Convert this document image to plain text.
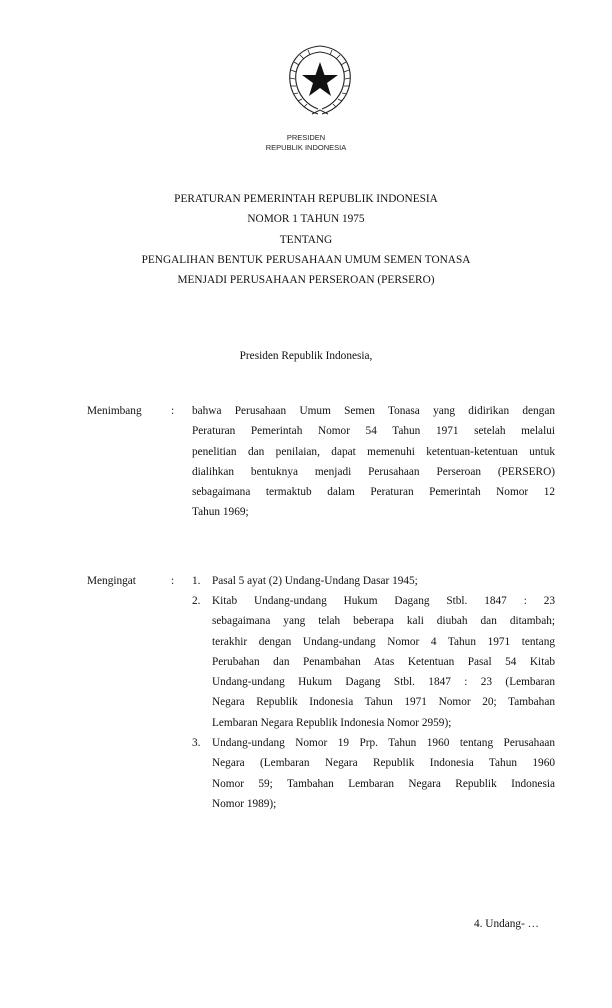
PRESIDEN
REPUBLIK INDONESIA
PERATURAN PEMERINTAH REPUBLIK INDONESIA
NOMOR 1 TAHUN 1975
TENTANG
PENGALIHAN BENTUK PERUSAHAAN UMUM SEMEN TONASA
MENJADI PERUSAHAAN PERSEROAN (PERSERO)
Presiden Republik Indonesia,
Menimbang	: bahwa Perusahaan Umum Semen Tonasa yang didirikan dengan
Peraturan Pemerintah Nomor 54 Tahun 1971 setelah melalui
penelitian dan penilaian, dapat memenuhi ketentuan-ketentuan untuk
dialihkan bentuknya menjadi Perusahaan Perseroan (PERSERO)
sebagaimana termaktub dalam Peraturan Pemerintah Nomor 12
Tahun 1969;
Mengingat	: 1. Pasal 5 ayat (2) Undang-Undang Dasar 1945;
2. Kitab Undang-undang Hukum Dagang Stbl. 1847 : 23
sebagaimana yang telah beberapa kali diubah dan ditambah;
terakhir dengan Undang-undang Nomor 4 Tahun 1971 tentang
Perubahan dan Penambahan Atas Ketentuan Pasal 54 Kitab
Undang-undang Hukum Dagang Stbl. 1847 : 23 (Lembaran
Negara Republik Indonesia Tahun 1971 Nomor 20; Tambahan
Lembaran Negara Republik Indonesia Nomor 2959);
3. Undang-undang Nomor 19 Prp. Tahun 1960 tentang Perusahaan
Negara (Lembaran Negara Republik Indonesia Tahun 1960
Nomor 59; Tambahan Lembaran Negara Republik Indonesia
Nomor 1989);
4. Undang- …
